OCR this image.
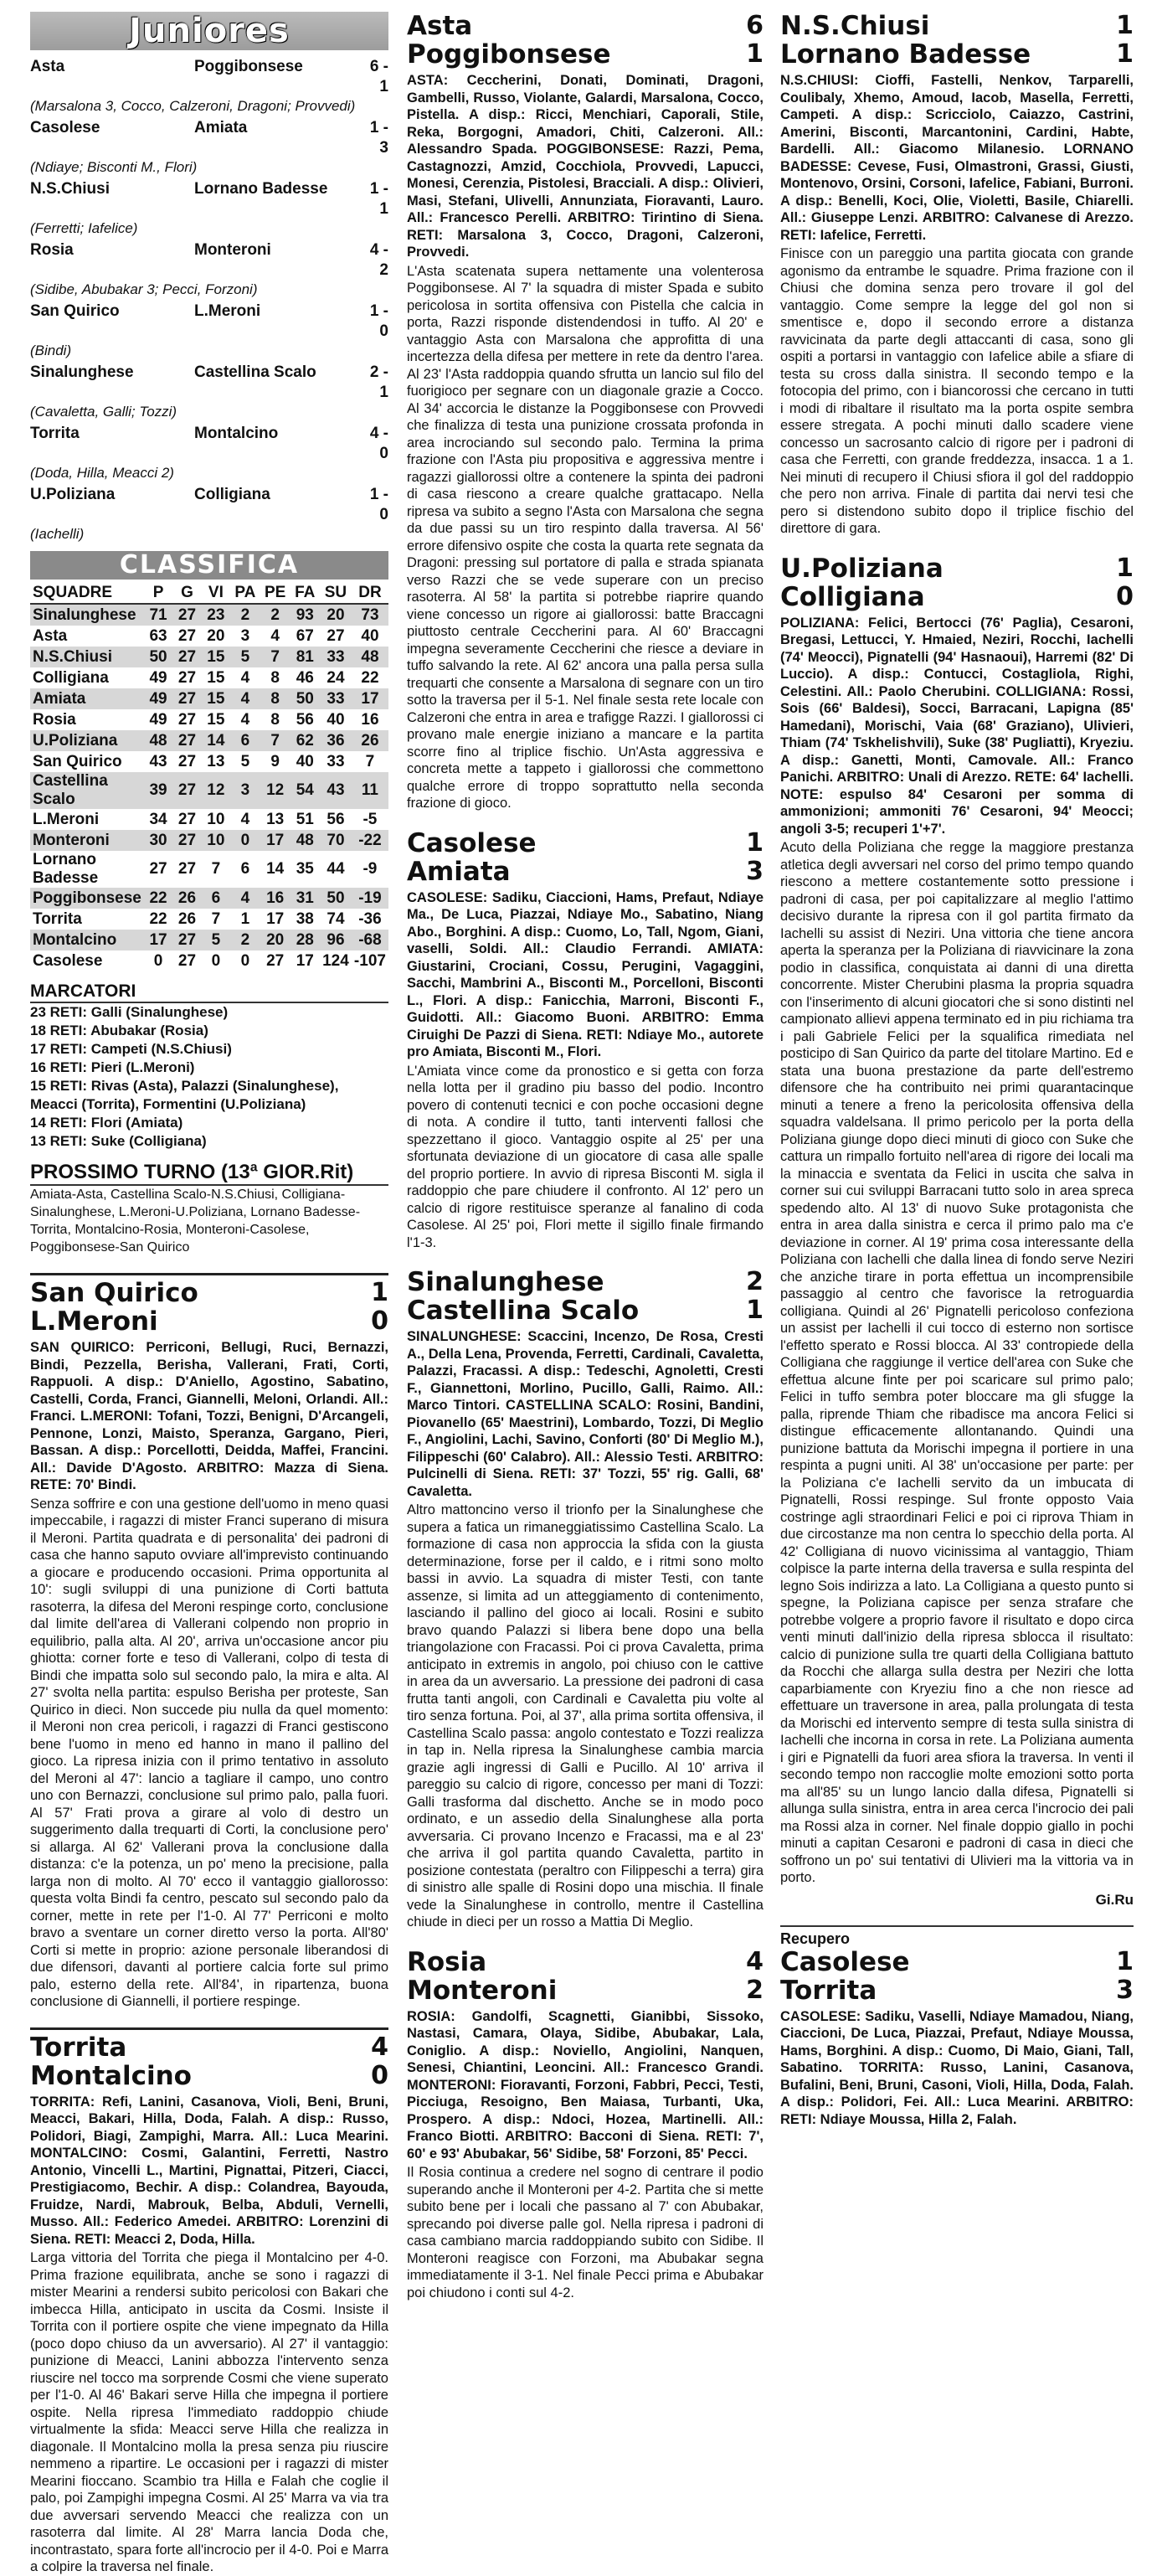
Juniores
Asta	Poggibonsese	6 - 1
(Marsalona 3, Cocco, Calzeroni, Dragoni; Provvedi)
Casolese	Amiata	1 - 3
(Ndiaye; Bisconti M., Flori)
N.S.Chiusi	Lornano Badesse	1 - 1
(Ferretti; Iafelice)
Rosia	Monteroni	4 - 2
(Sidibe, Abubakar 3; Pecci, Forzoni)
San Quirico	L.Meroni	1 - 0
(Bindi)
Sinalunghese	Castellina Scalo	2 - 1
(Cavaletta, Galli; Tozzi)
Torrita	Montalcino	4 - 0
(Doda, Hilla, Meacci 2)
U.Poliziana	Colligiana	1 - 0
(Iachelli)
CLASSIFICA
SQUADRE	P	G	VI	PA	PE	FA	SU	DR
Sinalunghese	71	27	23	2	2	93	20	73
Asta	63	27	20	3	4	67	27	40
N.S.Chiusi	50	27	15	5	7	81	33	48
Colligiana	49	27	15	4	8	46	24	22
Amiata	49	27	15	4	8	50	33	17
Rosia	49	27	15	4	8	56	40	16
U.Poliziana	48	27	14	6	7	62	36	26
San Quirico	43	27	13	5	9	40	33	7
Castellina Scalo	39	27	12	3	12	54	43	11
L.Meroni	34	27	10	4	13	51	56	-5
Monteroni	30	27	10	0	17	48	70	-22
Lornano Badesse	27	27	7	6	14	35	44	-9
Poggibonsese	22	26	6	4	16	31	50	-19
Torrita	22	26	7	1	17	38	74	-36
Montalcino	17	27	5	2	20	28	96	-68
Casolese	0	27	0	0	27	17	124	-107
MARCATORI
23 RETI: Galli (Sinalunghese)
18 RETI: Abubakar (Rosia)
17 RETI: Campeti (N.S.Chiusi)
16 RETI: Pieri (L.Meroni)
15 RETI: Rivas (Asta), Palazzi (Sinalunghese), Meacci (Torrita), Formentini (U.Poliziana)
14 RETI: Flori (Amiata)
13 RETI: Suke (Colligiana)
PROSSIMO TURNO (13ª GIOR.Rit)
Amiata-Asta, Castellina Scalo-N.S.Chiusi, Colligiana-Sinalunghese, L.Meroni-U.Poliziana, Lornano Badesse-Torrita, Montalcino-Rosia, Monteroni-Casolese, Poggibonsese-San Quirico
San Quirico	1
L.Meroni	0
SAN QUIRICO: Perriconi, Bellugi, Ruci, Bernazzi, Bindi, Pezzella, Berisha, Vallerani, Frati, Corti, Rappuoli. A disp.: D'Aniello, Agostino, Sabatino, Castelli, Corda, Franci, Giannelli, Meloni, Orlandi. All.: Franci. L.MERONI: Tofani, Tozzi, Benigni, D'Arcangeli, Pennone, Lonzi, Maisto, Speranza, Gargano, Pieri, Bassan. A disp.: Porcellotti, Deidda, Maffei, Francini. All.: Davide D'Agosto. ARBITRO: Mazza di Siena. RETE: 70' Bindi.
Senza soffrire e con una gestione dell'uomo in meno quasi impeccabile, i ragazzi di mister Franci superano di misura il Meroni. Partita quadrata e di personalita' dei padroni di casa che hanno saputo ovviare all'imprevisto continuando a giocare e producendo occasioni. Prima opportunita al 10': sugli sviluppi di una punizione di Corti battuta rasoterra, la difesa del Meroni respinge corto, conclusione dal limite dell'area di Vallerani colpendo non proprio in equilibrio, palla alta. Al 20', arriva un'occasione ancor piu ghiotta: corner forte e teso di Vallerani, colpo di testa di Bindi che impatta solo sul secondo palo, la mira e alta. Al 27' svolta nella partita: espulso Berisha per proteste, San Quirico in dieci. Non succede piu nulla da quel momento: il Meroni non crea pericoli, i ragazzi di Franci gestiscono bene l'uomo in meno ed hanno in mano il pallino del gioco. La ripresa inizia con il primo tentativo in assoluto del Meroni al 47': lancio a tagliare il campo, uno contro uno con Bernazzi, conclusione sul primo palo, palla fuori. Al 57' Frati prova a girare al volo di destro un suggerimento dalla trequarti di Corti, la conclusione pero' si allarga. Al 62' Vallerani prova la conclusione dalla distanza: c'e la potenza, un po' meno la precisione, palla larga non di molto. Al 70' ecco il vantaggio giallorosso: questa volta Bindi fa centro, pescato sul secondo palo da corner, mette in rete per l'1-0. Al 77' Perriconi e molto bravo a sventare un corner diretto verso la porta. All'80' Corti si mette in proprio: azione personale liberandosi di due difensori, davanti al portiere calcia forte sul primo palo, esterno della rete. All'84', in ripartenza, buona conclusione di Giannelli, il portiere respinge.
Torrita	4
Montalcino	0
TORRITA: Refi, Lanini, Casanova, Violi, Beni, Bruni, Meacci, Bakari, Hilla, Doda, Falah. A disp.: Russo, Polidori, Biagi, Zampighi, Marra. All.: Luca Mearini. MONTALCINO: Cosmi, Galantini, Ferretti, Nastro Antonio, Vincelli L., Martini, Pignattai, Pitzeri, Ciacci, Prestigiacomo, Bechir. A disp.: Colandrea, Bayouda, Fruidze, Nardi, Mabrouk, Belba, Abduli, Vernelli, Musso. All.: Federico Amedei. ARBITRO: Lorenzini di Siena. RETI: Meacci 2, Doda, Hilla.
Larga vittoria del Torrita che piega il Montalcino per 4-0. Prima frazione equilibrata, anche se sono i ragazzi di mister Mearini a rendersi subito pericolosi con Bakari che imbecca Hilla, anticipato in uscita da Cosmi. Insiste il Torrita con il portiere ospite che viene impegnato da Hilla (poco dopo chiuso da un avversario). Al 27' il vantaggio: punizione di Meacci, Lanini abbozza l'intervento senza riuscire nel tocco ma sorprende Cosmi che viene superato per l'1-0. Al 46' Bakari serve Hilla che impegna il portiere ospite. Nella ripresa l'immediato raddoppio chiude virtualmente la sfida: Meacci serve Hilla che realizza in diagonale. Il Montalcino molla la presa senza piu riuscire nemmeno a ripartire. Le occasioni per i ragazzi di mister Mearini fioccano. Scambio tra Hilla e Falah che coglie il palo, poi Zampighi impegna Cosmi. Al 25' Marra va via tra due avversari servendo Meacci che realizza con un rasoterra dal limite. Al 28' Marra lancia Doda che, incontrastato, spara forte all'incrocio per il 4-0. Poi e Marra a colpire la traversa nel finale.
Asta	6
Poggibonsese	1
ASTA: Ceccherini, Donati, Dominati, Dragoni, Gambelli, Russo, Violante, Galardi, Marsalona, Cocco, Pistella. A disp.: Ricci, Menchiari, Caporali, Stile, Reka, Borgogni, Amadori, Chiti, Calzeroni. All.: Alessandro Spada. POGGIBONSESE: Razzi, Pema, Castagnozzi, Amzid, Cocchiola, Provvedi, Lapucci, Monesi, Cerenzia, Pistolesi, Bracciali. A disp.: Olivieri, Masi, Stefani, Ulivelli, Annunziata, Fioravanti, Lauro. All.: Francesco Perelli. ARBITRO: Tirintino di Siena. RETI: Marsalona 3, Cocco, Dragoni, Calzeroni, Provvedi.
L'Asta scatenata supera nettamente una volenterosa Poggibonsese. Al 7' la squadra di mister Spada e subito pericolosa in sortita offensiva con Pistella che calcia in porta, Razzi risponde distendendosi in tuffo. Al 20' e vantaggio Asta con Marsalona che approfitta di una incertezza della difesa per mettere in rete da dentro l'area. Al 23' l'Asta raddoppia quando sfrutta un lancio sul filo del fuorigioco per segnare con un diagonale grazie a Cocco. Al 34' accorcia le distanze la Poggibonsese con Provvedi che finalizza di testa una punizione crossata profonda in area incrociando sul secondo palo. Termina la prima frazione con l'Asta piu propositiva e aggressiva mentre i ragazzi giallorossi oltre a contenere la spinta dei padroni di casa riescono a creare qualche grattacapo. Nella ripresa va subito a segno l'Asta con Marsalona che segna da due passi su un tiro respinto dalla traversa. Al 56' errore difensivo ospite che costa la quarta rete segnata da Dragoni: pressing sul portatore di palla e strada spianata verso Razzi che se vede superare con un preciso rasoterra. Al 58' la partita si potrebbe riaprire quando viene concesso un rigore ai giallorossi: batte Braccagni piuttosto centrale Ceccherini para. Al 60' Braccagni impegna severamente Ceccherini che riesce a deviare in tuffo salvando la rete. Al 62' ancora una palla persa sulla trequarti che consente a Marsalona di segnare con un tiro sotto la traversa per il 5-1. Nel finale sesta rete locale con Calzeroni che entra in area e trafigge Razzi. I giallorossi ci provano male energie iniziano a mancare e la partita scorre fino al triplice fischio. Un'Asta aggressiva e concreta mette a tappeto i giallorossi che commettono qualche errore di troppo soprattutto nella seconda frazione di gioco.
Casolese	1
Amiata	3
CASOLESE: Sadiku, Ciaccioni, Hams, Prefaut, Ndiaye Ma., De Luca, Piazzai, Ndiaye Mo., Sabatino, Niang Abo., Borghini. A disp.: Cuomo, Lo, Tall, Ngom, Giani, vaselli, Soldi. All.: Claudio Ferrandi. AMIATA: Giustarini, Crociani, Cossu, Perugini, Vagaggini, Sacchi, Mambrini A., Bisconti M., Porcelloni, Bisconti L., Flori. A disp.: Fanicchia, Marroni, Bisconti F., Guidotti. All.: Giacomo Buoni. ARBITRO: Emma Ciruighi De Pazzi di Siena. RETI: Ndiaye Mo., autorete pro Amiata, Bisconti M., Flori.
L'Amiata vince come da pronostico e si getta con forza nella lotta per il gradino piu basso del podio. Incontro povero di contenuti tecnici e con poche occasioni degne di nota. A condire il tutto, tanti interventi fallosi che spezzettano il gioco. Vantaggio ospite al 25' per una sfortunata deviazione di un giocatore di casa alle spalle del proprio portiere. In avvio di ripresa Bisconti M. sigla il raddoppio che pare chiudere il confronto. Al 12' pero un calcio di rigore restituisce speranze al fanalino di coda Casolese. Al 25' poi, Flori mette il sigillo finale firmando l'1-3.
Sinalunghese	2
Castellina Scalo	1
SINALUNGHESE: Scaccini, Incenzo, De Rosa, Cresti A., Della Lena, Provenda, Ferretti, Cardinali, Cavaletta, Palazzi, Fracassi. A disp.: Tedeschi, Agnoletti, Cresti F., Giannettoni, Morlino, Pucillo, Galli, Raimo. All.: Marco Tintori. CASTELLINA SCALO: Rosini, Bandini, Piovanello (65' Maestrini), Lombardo, Tozzi, Di Meglio F., Angiolini, Lachi, Savino, Conforti (80' Di Meglio M.), Filippeschi (60' Calabro). All.: Alessio Testi. ARBITRO: Pulcinelli di Siena. RETI: 37' Tozzi, 55' rig. Galli, 68' Cavaletta.
Altro mattoncino verso il trionfo per la Sinalunghese che supera a fatica un rimaneggiatissimo Castellina Scalo. La formazione di casa non approccia la sfida con la giusta determinazione, forse per il caldo, e i ritmi sono molto bassi in avvio. La squadra di mister Testi, con tante assenze, si limita ad un atteggiamento di contenimento, lasciando il pallino del gioco ai locali. Rosini e subito bravo quando Palazzi si libera bene dopo una bella triangolazione con Fracassi. Poi ci prova Cavaletta, prima anticipato in extremis in angolo, poi chiuso con le cattive in area da un avversario. La pressione dei padroni di casa frutta tanti angoli, con Cardinali e Cavaletta piu volte al tiro senza fortuna. Poi, al 37', alla prima sortita offensiva, il Castellina Scalo passa: angolo contestato e Tozzi realizza in tap in. Nella ripresa la Sinalunghese cambia marcia grazie agli ingressi di Galli e Pucillo. Al 10' arriva il pareggio su calcio di rigore, concesso per mani di Tozzi: Galli trasforma dal dischetto. Anche se in modo poco ordinato, e un assedio della Sinalunghese alla porta avversaria. Ci provano Incenzo e Fracassi, ma e al 23' che arriva il gol partita quando Cavaletta, partito in posizione contestata (peraltro con Filippeschi a terra) gira di sinistro alle spalle di Rosini dopo una mischia. Il finale vede la Sinalunghese in controllo, mentre il Castellina chiude in dieci per un rosso a Mattia Di Meglio.
Rosia	4
Monteroni	2
ROSIA: Gandolfi, Scagnetti, Gianibbi, Sissoko, Nastasi, Camara, Olaya, Sidibe, Abubakar, Lala, Coniglio. A disp.: Noviello, Angiolini, Nanquen, Senesi, Chiantini, Leoncini. All.: Francesco Grandi. MONTERONI: Fioravanti, Forzoni, Fabbri, Pecci, Testi, Picciuga, Resoigno, Ben Maiasa, Turbanti, Uka, Prospero. A disp.: Ndoci, Hozea, Martinelli. All.: Franco Biotti. ARBITRO: Bacconi di Siena. RETI: 7', 60' e 93' Abubakar, 56' Sidibe, 58' Forzoni, 85' Pecci.
Il Rosia continua a credere nel sogno di centrare il podio superando anche il Monteroni per 4-2. Partita che si mette subito bene per i locali che passano al 7' con Abubakar, sprecando poi diverse palle gol. Nella ripresa i padroni di casa cambiano marcia raddoppiando subito con Sidibe. Il Monteroni reagisce con Forzoni, ma Abubakar segna immediatamente il 3-1. Nel finale Pecci prima e Abubakar poi chiudono i conti sul 4-2.
N.S.Chiusi	1
Lornano Badesse	1
N.S.CHIUSI: Cioffi, Fastelli, Nenkov, Tarparelli, Coulibaly, Xhemo, Amoud, Iacob, Masella, Ferretti, Campeti. A disp.: Scricciolo, Caiazzo, Castrini, Amerini, Bisconti, Marcantonini, Cardini, Habte, Bardelli. All.: Giacomo Milanesio. LORNANO BADESSE: Cevese, Fusi, Olmastroni, Grassi, Giusti, Montenovo, Orsini, Corsoni, Iafelice, Fabiani, Burroni. A disp.: Benelli, Koci, Olie, Violetti, Basile, Chiarelli. All.: Giuseppe Lenzi. ARBITRO: Calvanese di Arezzo. RETI: Iafelice, Ferretti.
Finisce con un pareggio una partita giocata con grande agonismo da entrambe le squadre. Prima frazione con il Chiusi che domina senza pero trovare il gol del vantaggio. Come sempre la legge del gol non si smentisce e, dopo il secondo errore a distanza ravvicinata da parte degli attaccanti di casa, sono gli ospiti a portarsi in vantaggio con Iafelice abile a sfiare di testa su cross dalla sinistra. Il secondo tempo e la fotocopia del primo, con i biancorossi che cercano in tutti i modi di ribaltare il risultato ma la porta ospite sembra essere stregata. A pochi minuti dallo scadere viene concesso un sacrosanto calcio di rigore per i padroni di casa che Ferretti, con grande freddezza, insacca. 1 a 1. Nei minuti di recupero il Chiusi sfiora il gol del raddoppio che pero non arriva. Finale di partita dai nervi tesi che pero si distendono subito dopo il triplice fischio del direttore di gara.
U.Poliziana	1
Colligiana	0
POLIZIANA: Felici, Bertocci (76' Paglia), Cesaroni, Bregasi, Lettucci, Y. Hmaied, Neziri, Rocchi, Iachelli (74' Meocci), Pignatelli (94' Hasnaoui), Harremi (82' Di Luccio). A disp.: Contucci, Costagliola, Righi, Celestini. All.: Paolo Cherubini. COLLIGIANA: Rossi, Sois (66' Baldesi), Socci, Barracani, Lapigna (85' Hamedani), Morischi, Vaia (68' Graziano), Ulivieri, Thiam (74' Tskhelishvili), Suke (38' Pugliatti), Kryeziu. A disp.: Ganetti, Monti, Camovale. All.: Franco Panichi. ARBITRO: Unali di Arezzo. RETE: 64' Iachelli. NOTE: espulso 84' Cesaroni per somma di ammonizioni; ammoniti 76' Cesaroni, 94' Meocci; angoli 3-5; recuperi 1'+7'.
Acuto della Poliziana che regge la maggiore prestanza atletica degli avversari nel corso del primo tempo quando riescono a mettere costantemente sotto pressione i padroni di casa, per poi capitalizzare al meglio l'attimo decisivo durante la ripresa con il gol partita firmato da Iachelli su assist di Neziri. Una vittoria che tiene ancora aperta la speranza per la Poliziana di riavvicinare la zona podio in classifica, conquistata ai danni di una diretta concorrente. Mister Cherubini plasma la propria squadra con l'inserimento di alcuni giocatori che si sono distinti nel campionato allievi appena terminato ed in piu richiama tra i pali Gabriele Felici per la squalifica rimediata nel posticipo di San Quirico da parte del titolare Martino. Ed e stata una buona prestazione da parte dell'estremo difensore che ha contribuito nei primi quarantacinque minuti a tenere a freno la pericolosita offensiva della squadra valdelsana. Il primo pericolo per la porta della Poliziana giunge dopo dieci minuti di gioco con Suke che cattura un rimpallo fortuito nell'area di rigore dei locali ma la minaccia e sventata da Felici in uscita che salva in corner sui cui sviluppi Barracani tutto solo in area spreca spedendo alto. Al 13' di nuovo Suke protagonista che entra in area dalla sinistra e cerca il primo palo ma c'e deviazione in corner. Al 19' prima cosa interessante della Poliziana con Iachelli che dalla linea di fondo serve Neziri che anziche tirare in porta effettua un incomprensibile passaggio al centro che favorisce la retroguardia colligiana. Quindi al 26' Pignatelli pericoloso confeziona un assist per Iachelli il cui tocco di esterno non sortisce l'effetto sperato e Rossi blocca. Al 33' contropiede della Colligiana che raggiunge il vertice dell'area con Suke che effettua alcune finte per poi scaricare sul primo palo; Felici in tuffo sembra poter bloccare ma gli sfugge la palla, riprende Thiam che ribadisce ma ancora Felici si distingue efficacemente allontanando. Quindi una punizione battuta da Morischi impegna il portiere in una respinta a pugni uniti. Al 38' un'occasione per parte: per la Poliziana c'e Iachelli servito da un imbucata di Pignatelli, Rossi respinge. Sul fronte opposto Vaia costringe agli straordinari Felici e poi ci riprova Thiam in due circostanze ma non centra lo specchio della porta. Al 42' Colligiana di nuovo vicinissima al vantaggio, Thiam colpisce la parte interna della traversa e sulla respinta del legno Sois indirizza a lato. La Colligiana a questo punto si spegne, la Poliziana capisce per senza strafare che potrebbe volgere a proprio favore il risultato e dopo circa venti minuti dall'inizio della ripresa sblocca il risultato: calcio di punizione sulla tre quarti della Colligiana battuto da Rocchi che allarga sulla destra per Neziri che lotta caparbiamente con Kryeziu fino a che non riesce ad effettuare un traversone in area, palla prolungata di testa da Morischi ed intervento sempre di testa sulla sinistra di Iachelli che incorna in corsa in rete. La Poliziana aumenta i giri e Pignatelli da fuori area sfiora la traversa. In venti il secondo tempo non raccoglie molte emozioni sotto porta ma all'85' su un lungo lancio dalla difesa, Pignatelli si allunga sulla sinistra, entra in area cerca l'incrocio dei pali ma Rossi alza in corner. Nel finale doppio giallo in pochi minuti a capitan Cesaroni e padroni di casa in dieci che soffrono un po' sui tentativi di Ulivieri ma la vittoria va in porto.
Gi.Ru
Recupero
Casolese	1
Torrita	3
CASOLESE: Sadiku, Vaselli, Ndiaye Mamadou, Niang, Ciaccioni, De Luca, Piazzai, Prefaut, Ndiaye Moussa, Hams, Borghini. A disp.: Cuomo, Di Maio, Giani, Tall, Sabatino. TORRITA: Russo, Lanini, Casanova, Bufalini, Beni, Bruni, Casoni, Violi, Hilla, Doda, Falah. A disp.: Polidori, Fei. All.: Luca Mearini. ARBITRO: RETI: Ndiaye Moussa, Hilla 2, Falah.
